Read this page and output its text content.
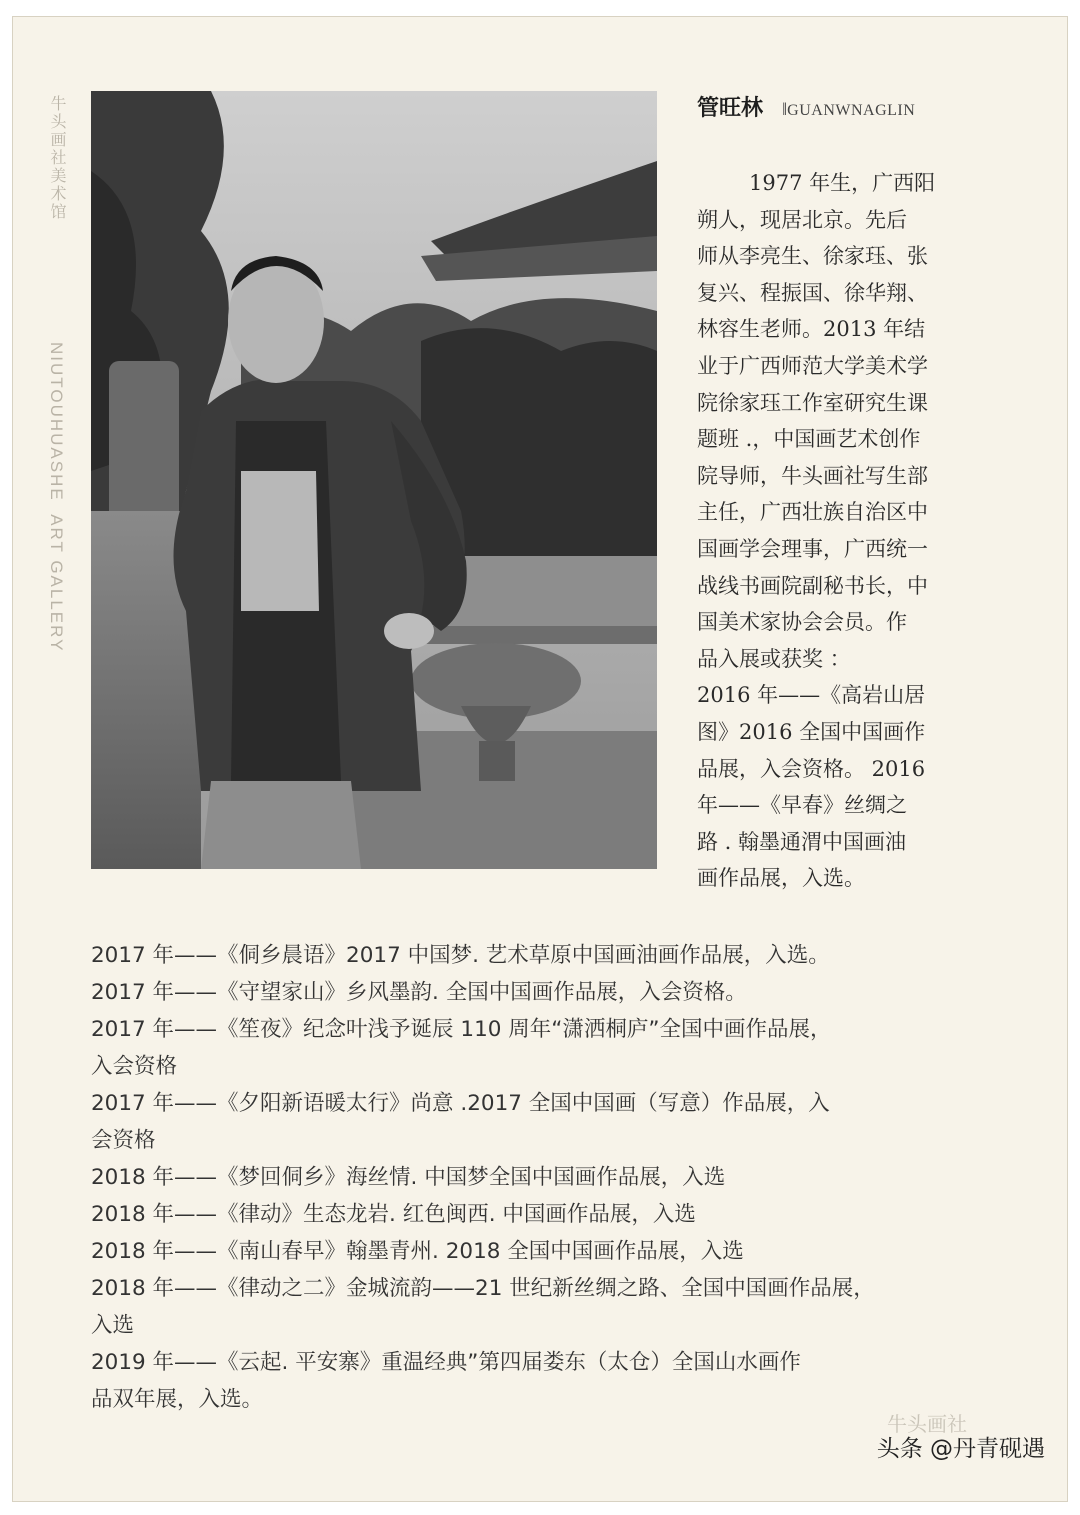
牛头画社美术馆
NIUTOUHUASHE  ART GALLERY
管旺林 ‖GUANWNAGLIN

1977 年生，广西阳

朔人，现居北京。先后

师从李亮生、徐家珏、张

复兴、程振国、徐华翔、

林容生老师。2013 年结

业于广西师范大学美术学

院徐家珏工作室研究生课

题班 .，中国画艺术创作

院导师，牛头画社写生部

主任，广西壮族自治区中

国画学会理事，广西统一

战线书画院副秘书长，中

国美术家协会会员。作

品入展或获奖 ：

2016 年——《高岩山居

图》2016 全国中国画作

品展，入会资格。 2016

年——《早春》丝绸之

路 . 翰墨通渭中国画油

画作品展，入选。

2017 年——《侗乡晨语》2017 中国梦. 艺术草原中国画油画作品展，入选。
2017 年——《守望家山》乡风墨韵. 全国中国画作品展，入会资格。
2017 年——《笙夜》纪念叶浅予诞辰 110 周年“潇洒桐庐”全国中画作品展，
入会资格
2017 年——《夕阳新语暖太行》尚意 .2017 全国中国画（写意）作品展，入
会资格
2018 年——《梦回侗乡》海丝情. 中国梦全国中国画作品展，入选
2018 年——《律动》生态龙岩. 红色闽西. 中国画作品展，入选
2018 年——《南山春早》翰墨青州. 2018 全国中国画作品展，入选
2018 年——《律动之二》金城流韵——21 世纪新丝绸之路、全国中国画作品展，
入选
2019 年——《云起. 平安寨》重温经典”第四届娄东（太仓）全国山水画作
品双年展，入选。
牛头画社
头条 @丹青砚遇
